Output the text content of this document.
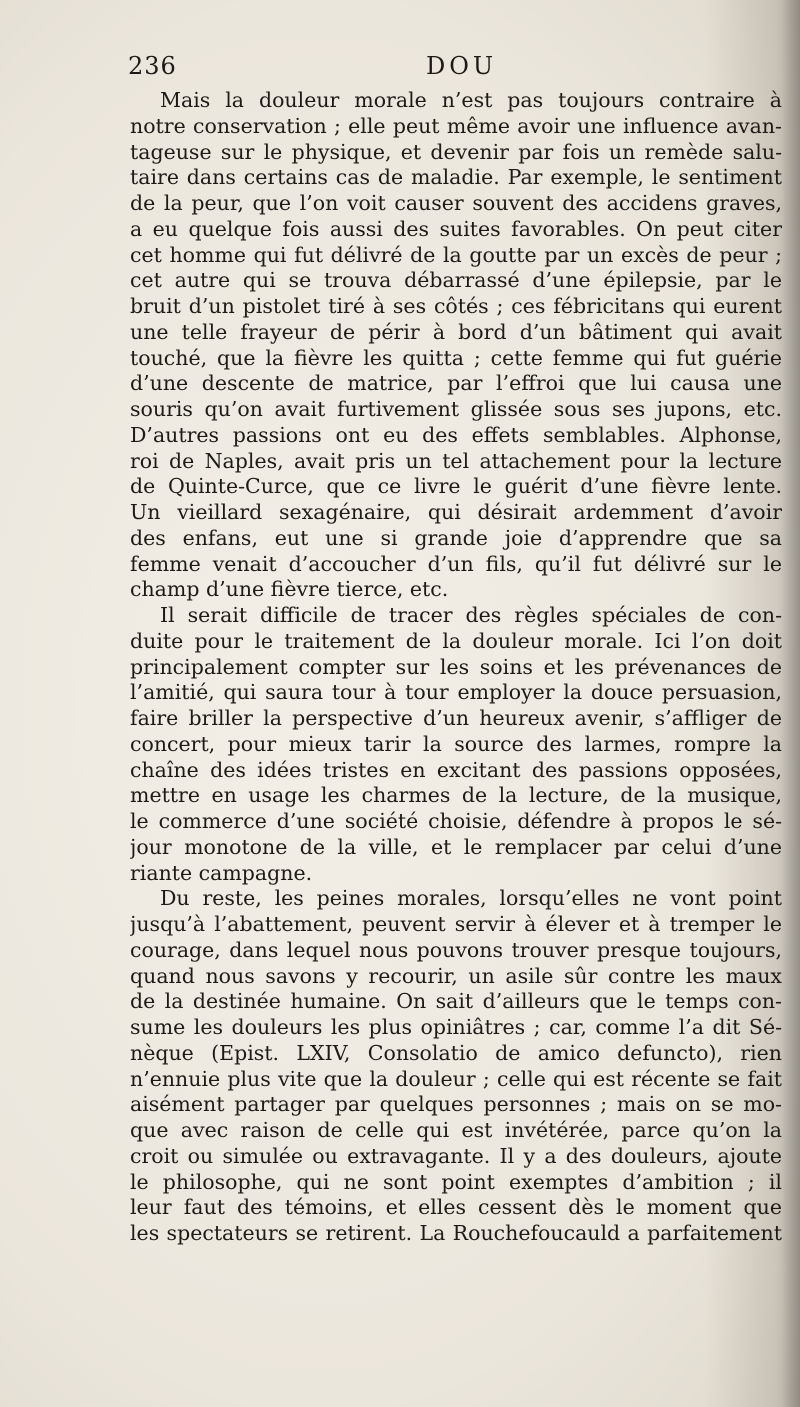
236	DOU
Mais la douleur morale n’est pas toujours contraire à
notre conservation ; elle peut même avoir une influence avan-
tageuse sur le physique, et devenir par fois un remède salu-
taire dans certains cas de maladie. Par exemple, le sentiment
de la peur, que l’on voit causer souvent des accidens graves,
a eu quelque fois aussi des suites favorables. On peut citer
cet homme qui fut délivré de la goutte par un excès de peur ;
cet autre qui se trouva débarrassé d’une épilepsie, par le
bruit d’un pistolet tiré à ses côtés ; ces fébricitans qui eurent
une telle frayeur de périr à bord d’un bâtiment qui avait
touché, que la fièvre les quitta ; cette femme qui fut guérie
d’une descente de matrice, par l’effroi que lui causa une
souris qu’on avait furtivement glissée sous ses jupons, etc.
D’autres passions ont eu des effets semblables. Alphonse,
roi de Naples, avait pris un tel attachement pour la lecture
de Quinte-Curce, que ce livre le guérit d’une fièvre lente.
Un vieillard sexagénaire, qui désirait ardemment d’avoir
des enfans, eut une si grande joie d’apprendre que sa
femme venait d’accoucher d’un fils, qu’il fut délivré sur le
champ d’une fièvre tierce, etc.
Il serait difficile de tracer des règles spéciales de con-
duite pour le traitement de la douleur morale. Ici l’on doit
principalement compter sur les soins et les prévenances de
l’amitié, qui saura tour à tour employer la douce persuasion,
faire briller la perspective d’un heureux avenir, s’affliger de
concert, pour mieux tarir la source des larmes, rompre la
chaîne des idées tristes en excitant des passions opposées,
mettre en usage les charmes de la lecture, de la musique,
le commerce d’une société choisie, défendre à propos le sé-
jour monotone de la ville, et le remplacer par celui d’une
riante campagne.
Du reste, les peines morales, lorsqu’elles ne vont point
jusqu’à l’abattement, peuvent servir à élever et à tremper le
courage, dans lequel nous pouvons trouver presque toujours,
quand nous savons y recourir, un asile sûr contre les maux
de la destinée humaine. On sait d’ailleurs que le temps con-
sume les douleurs les plus opiniâtres ; car, comme l’a dit Sé-
nèque (Epist. LXIV, Consolatio de amico defuncto), rien
n’ennuie plus vite que la douleur ; celle qui est récente se fait
aisément partager par quelques personnes ; mais on se mo-
que avec raison de celle qui est invétérée, parce qu’on la
croit ou simulée ou extravagante. Il y a des douleurs, ajoute
le philosophe, qui ne sont point exemptes d’ambition ; il
leur faut des témoins, et elles cessent dès le moment que
les spectateurs se retirent. La Rouchefoucauld a parfaitement
